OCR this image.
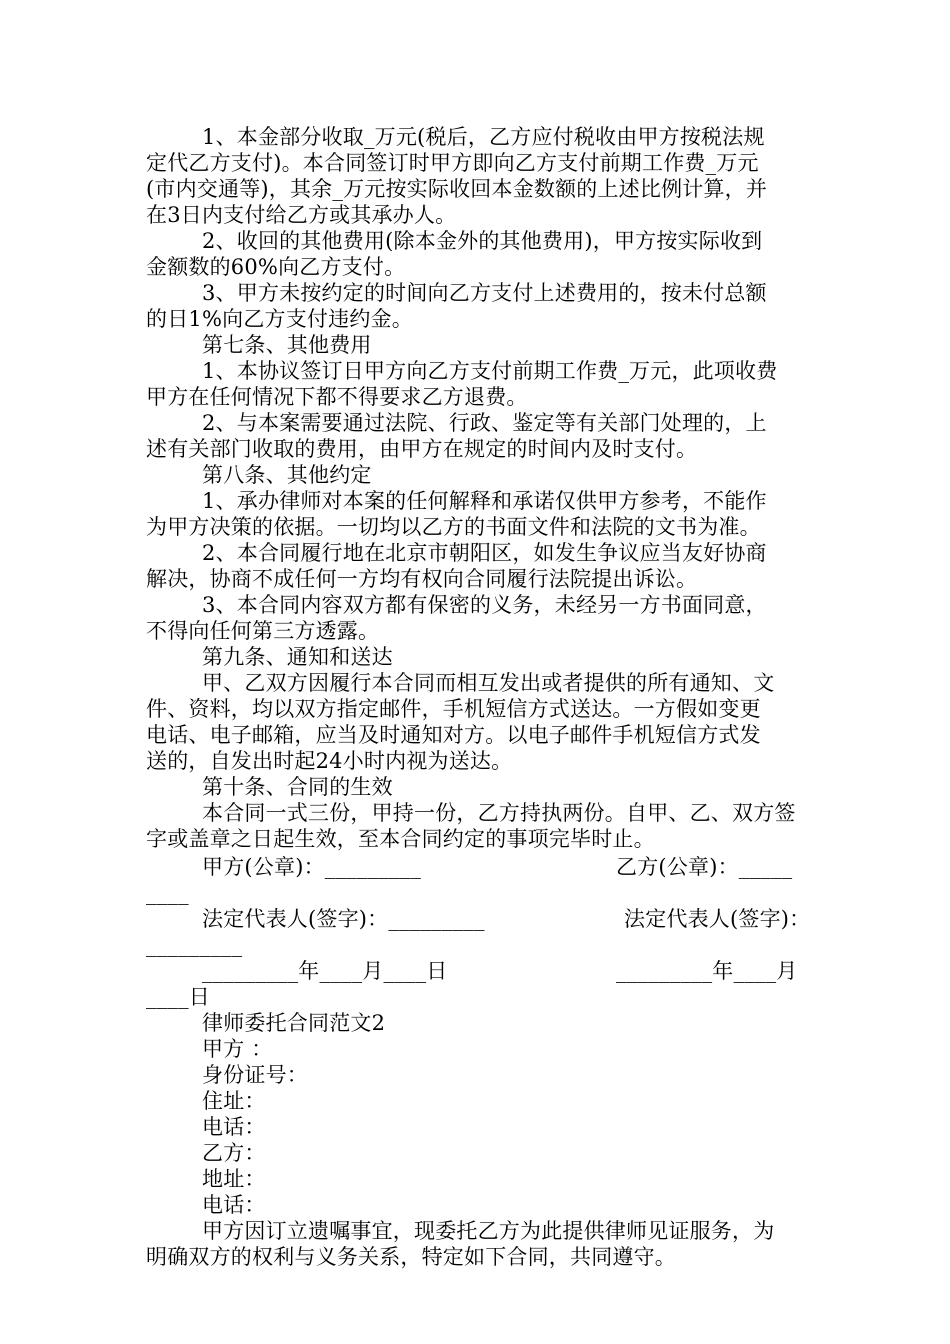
1、本金部分收取_万元(税后，乙方应付税收由甲方按税法规
定代乙方支付)。本合同签订时甲方即向乙方支付前期工作费_万元
(市内交通等)，其余_万元按实际收回本金数额的上述比例计算，并
在3日内支付给乙方或其承办人。
2、收回的其他费用(除本金外的其他费用)，甲方按实际收到
金额数的60%向乙方支付。
3、甲方未按约定的时间向乙方支付上述费用的，按未付总额
的日1%向乙方支付违约金。
第七条、其他费用
1、本协议签订日甲方向乙方支付前期工作费_万元，此项收费
甲方在任何情况下都不得要求乙方退费。
2、与本案需要通过法院、行政、鉴定等有关部门处理的，上
述有关部门收取的费用，由甲方在规定的时间内及时支付。
第八条、其他约定
1、承办律师对本案的任何解释和承诺仅供甲方参考，不能作
为甲方决策的依据。一切均以乙方的书面文件和法院的文书为准。
2、本合同履行地在北京市朝阳区，如发生争议应当友好协商
解决，协商不成任何一方均有权向合同履行法院提出诉讼。
3、本合同内容双方都有保密的义务，未经另一方书面同意，
不得向任何第三方透露。
第九条、通知和送达
甲、乙双方因履行本合同而相互发出或者提供的所有通知、文
件、资料，均以双方指定邮件，手机短信方式送达。一方假如变更
电话、电子邮箱，应当及时通知对方。以电子邮件手机短信方式发
送的，自发出时起24小时内视为送达。
第十条、合同的生效
本合同一式三份，甲持一份，乙方持执两份。自甲、乙、双方签
字或盖章之日起生效，至本合同约定的事项完毕时止。
甲方(公章)：_________	乙方(公章)：_____
____
法定代表人(签字)：_________	法定代表人(签字)：
_________
_________年____月____日	_________年____月
____日
律师委托合同范文2
甲方 ：
身份证号：
住址：
电话：
乙方：
地址：
电话：
甲方因订立遗嘱事宜，现委托乙方为此提供律师见证服务，为
明确双方的权利与义务关系，特定如下合同，共同遵守。
